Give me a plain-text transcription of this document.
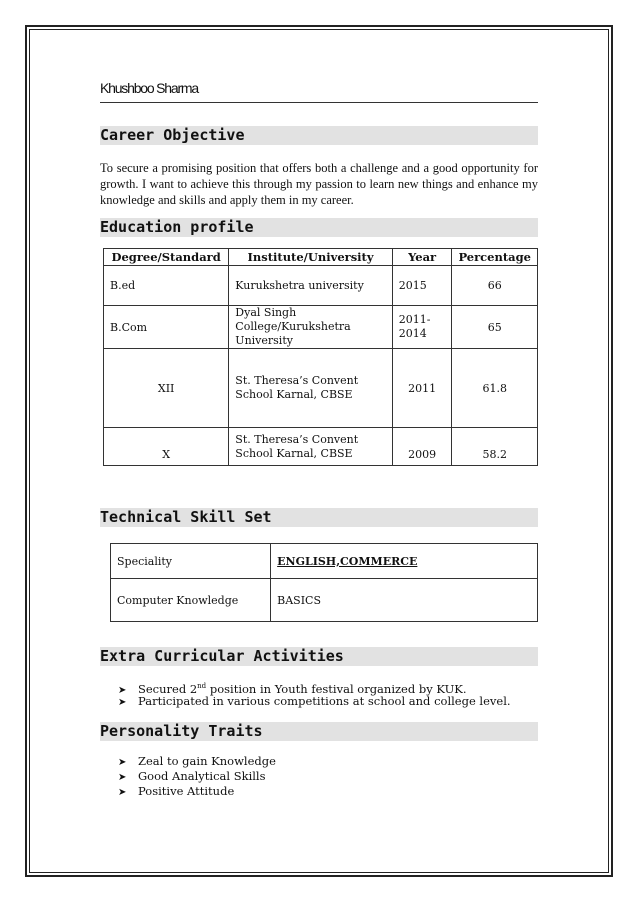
Khushboo Sharma
Career Objective
To secure a promising position that offers both a challenge and a good opportunity for growth. I want to achieve this through my passion to learn new things and enhance my knowledge and skills and apply them in my career.
Education profile
Degree/Standard	Institute/University	Year	Percentage
B.ed	Kurukshetra university	2015	66
B.Com	Dyal Singh College/Kurukshetra University	2011-2014	65
XII	St. Theresa’s Convent School Karnal, CBSE	2011	61.8
X	St. Theresa’s Convent School Karnal, CBSE	2009	58.2
Technical Skill Set
Speciality	ENGLISH,COMMERCE
Computer Knowledge	BASICS
Extra Curricular Activities
➤ Secured 2nd position in Youth festival organized by KUK.
➤ Participated in various competitions at school and college level.
Personality Traits
➤ Zeal to gain Knowledge
➤ Good Analytical Skills
➤ Positive Attitude
